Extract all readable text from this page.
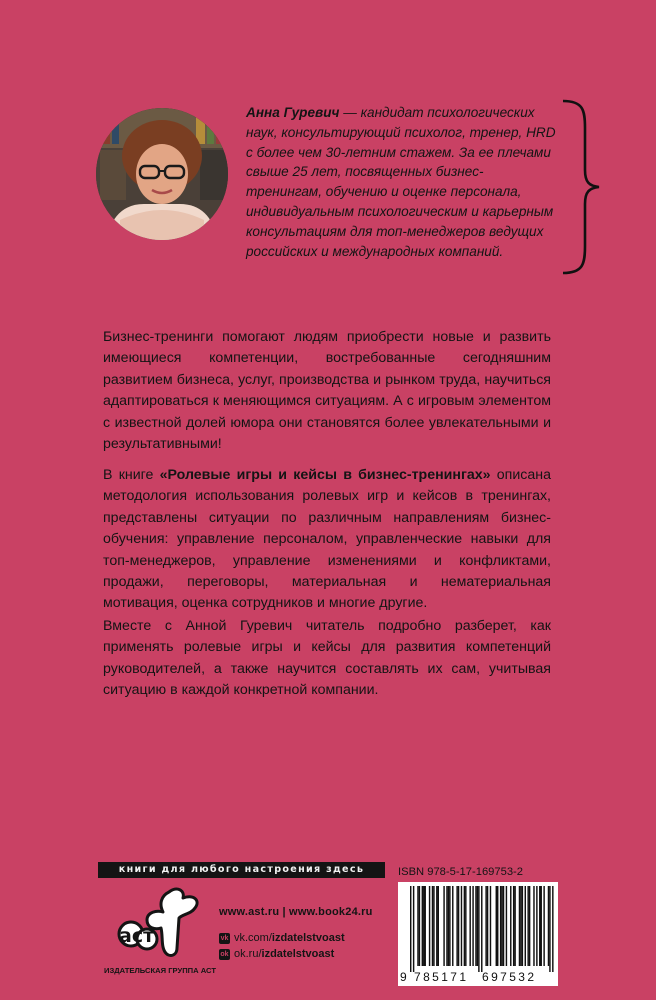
Анна Гуревич — кандидат психологических наук, консультирующий психолог, тренер, HRD с более чем 30-летним стажем. За ее плечами свыше 25 лет, посвященных бизнес-тренингам, обучению и оценке персонала, индивидуальным психологическим и карьерным консультациям для топ-менеджеров ведущих российских и международных компаний.

Бизнес-тренинги помогают людям приобрести новые и развить имеющиеся компетенции, востребованные сегодняшним развитием бизнеса, услуг, производства и рынком труда, научиться адаптироваться к меняющимся ситуациям. А с игровым элементом с известной долей юмора они становятся более увлекательными и результативными!

В книге «Ролевые игры и кейсы в бизнес-тренингах» описана методология использования ролевых игр и кейсов в тренингах, представлены ситуации по различным направлениям бизнес-обучения: управление персоналом, управленческие навыки для топ-менеджеров, управление изменениями и конфликтами, продажи, переговоры, материальная и нематериальная мотивация, оценка сотрудников и многие другие.

Вместе с Анной Гуревич читатель подробно разберет, как применять ролевые игры и кейсы для развития компетенций руководителей, а также научится составлять их сам, учитывая ситуацию в каждой конкретной компании.

книги для любого настроения здесь
аст
ИЗДАТЕЛЬСКАЯ ГРУППА АСТ
www.ast.ru | www.book24.ru
vk vk.com/izdatelstvoast
ok ok.ru/izdatelstvoast
ISBN 978-5-17-169753-2
9 785171 697532
